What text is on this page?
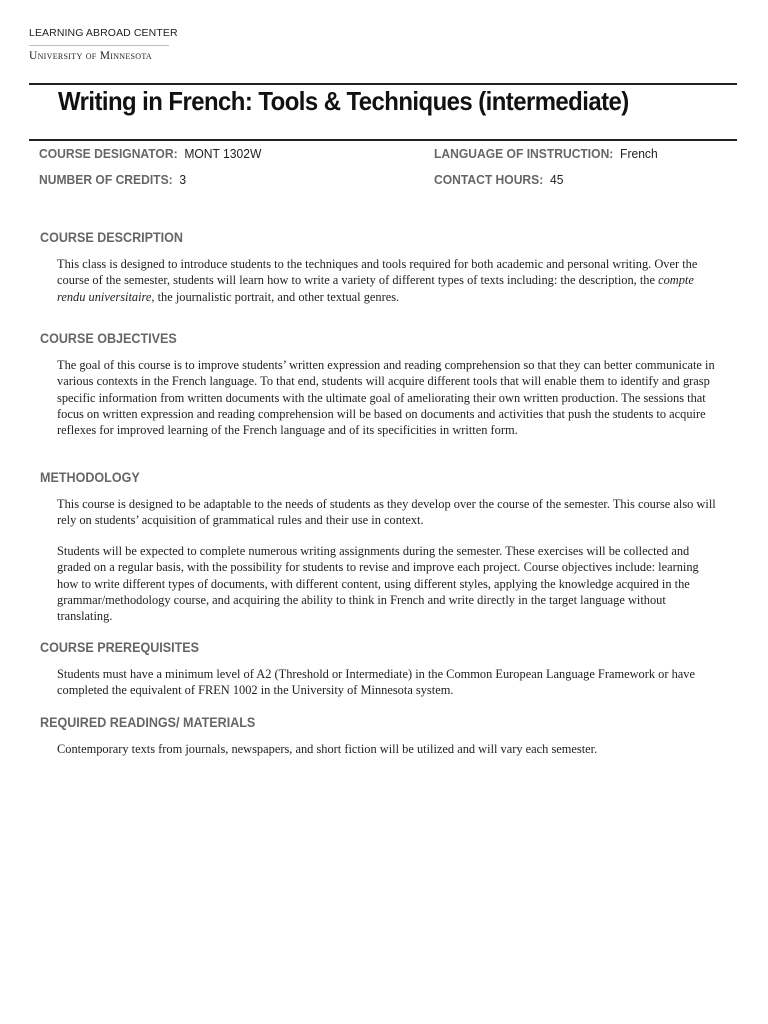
LEARNING ABROAD CENTER
University of Minnesota
Writing in French: Tools & Techniques (intermediate)
COURSE DESIGNATOR: MONT 1302W	LANGUAGE OF INSTRUCTION: French
NUMBER OF CREDITS: 3	CONTACT HOURS: 45
COURSE DESCRIPTION
This class is designed to introduce students to the techniques and tools required for both academic and personal writing. Over the course of the semester, students will learn how to write a variety of different types of texts including: the description, the compte rendu universitaire, the journalistic portrait, and other textual genres.
COURSE OBJECTIVES
The goal of this course is to improve students’ written expression and reading comprehension so that they can better communicate in various contexts in the French language. To that end, students will acquire different tools that will enable them to identify and grasp specific information from written documents with the ultimate goal of ameliorating their own written production. The sessions that focus on written expression and reading comprehension will be based on documents and activities that push the students to acquire reflexes for improved learning of the French language and of its specificities in written form.
METHODOLOGY
This course is designed to be adaptable to the needs of students as they develop over the course of the semester. This course also will rely on students’ acquisition of grammatical rules and their use in context.
Students will be expected to complete numerous writing assignments during the semester. These exercises will be collected and graded on a regular basis, with the possibility for students to revise and improve each project. Course objectives include: learning how to write different types of documents, with different content, using different styles, applying the knowledge acquired in the grammar/methodology course, and acquiring the ability to think in French and write directly in the target language without translating.
COURSE PREREQUISITES
Students must have a minimum level of A2 (Threshold or Intermediate) in the Common European Language Framework or have completed the equivalent of FREN 1002 in the University of Minnesota system.
REQUIRED READINGS/ MATERIALS
Contemporary texts from journals, newspapers, and short fiction will be utilized and will vary each semester.
